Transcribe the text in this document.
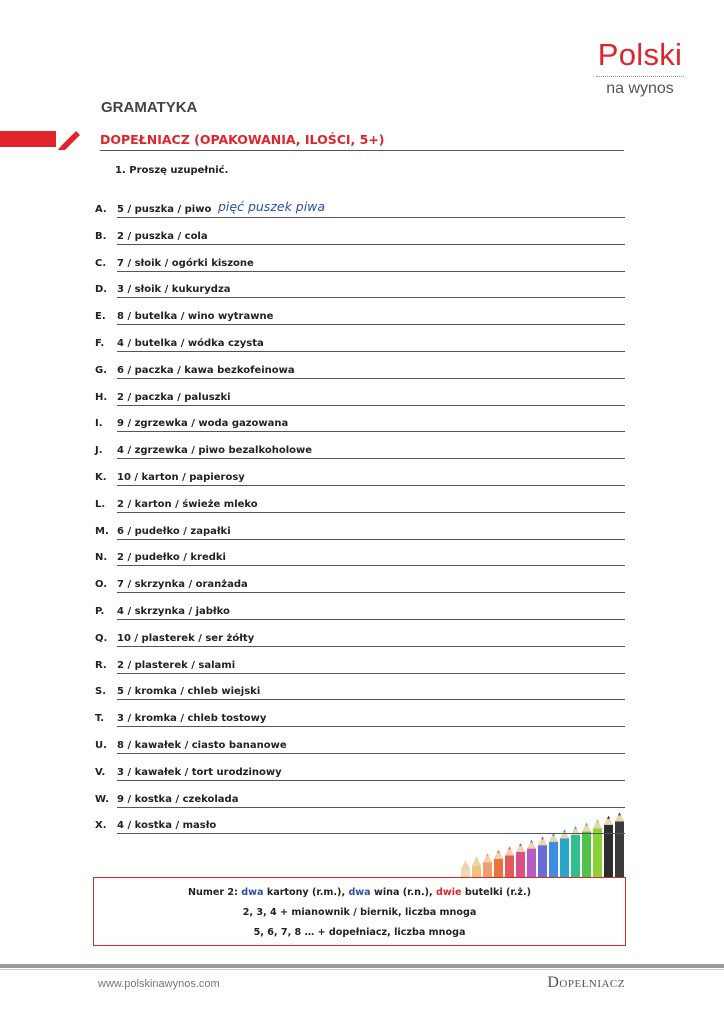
Polski
na wynos
GRAMATYKA
DOPEŁNIACZ (OPAKOWANIA, ILOŚCI, 5+)
1. Proszę uzupełnić.
A. 5 / puszka / piwo pięć puszek piwa
B. 2 / puszka / cola
C. 7 / słoik / ogórki kiszone
D. 3 / słoik / kukurydza
E. 8 / butelka / wino wytrawne
F. 4 / butelka / wódka czysta
G. 6 / paczka / kawa bezkofeinowa
H. 2 / paczka / paluszki
I. 9 / zgrzewka / woda gazowana
J. 4 / zgrzewka / piwo bezalkoholowe
K. 10 / karton / papierosy
L. 2 / karton / świeże mleko
M. 6 / pudełko / zapałki
N. 2 / pudełko / kredki
O. 7 / skrzynka / oranżada
P. 4 / skrzynka / jabłko
Q. 10 / plasterek / ser żółty
R. 2 / plasterek / salami
S. 5 / kromka / chleb wiejski
T. 3 / kromka / chleb tostowy
U. 8 / kawałek / ciasto bananowe
V. 3 / kawałek / tort urodzinowy
W. 9 / kostka / czekolada
X. 4 / kostka / masło
Numer 2: dwa kartony (r.m.), dwa wina (r.n.), dwie butelki (r.ż.)
2, 3, 4 + mianownik / biernik, liczba mnoga
5, 6, 7, 8 … + dopełniacz, liczba mnoga
www.polskinawynos.com	Dopełniacz
